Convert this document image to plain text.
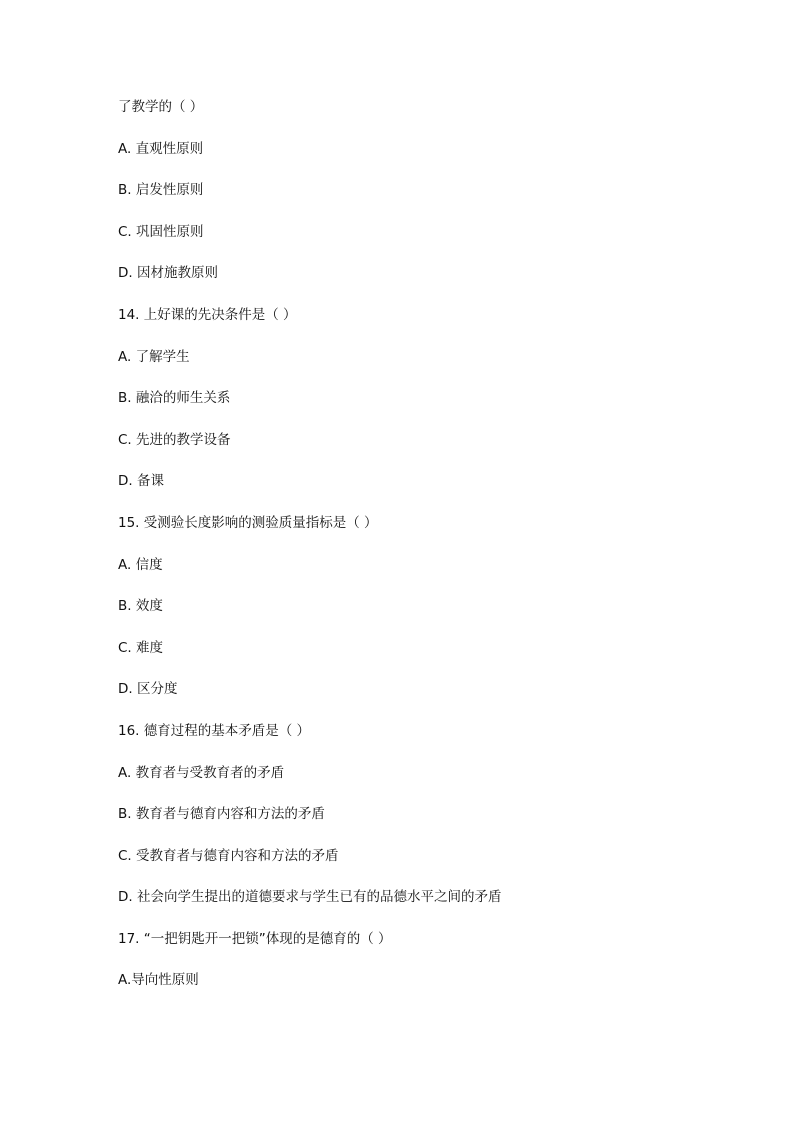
了教学的（ ）
A. 直观性原则
B. 启发性原则
C. 巩固性原则
D. 因材施教原则
14. 上好课的先决条件是（ ）
A. 了解学生
B. 融洽的师生关系
C. 先进的教学设备
D. 备课
15. 受测验长度影响的测验质量指标是（ ）
A. 信度
B. 效度
C. 难度
D. 区分度
16. 德育过程的基本矛盾是（ ）
A. 教育者与受教育者的矛盾
B. 教育者与德育内容和方法的矛盾
C. 受教育者与德育内容和方法的矛盾
D. 社会向学生提出的道德要求与学生已有的品德水平之间的矛盾
17. “一把钥匙开一把锁”体现的是德育的（ ）
A.导向性原则
